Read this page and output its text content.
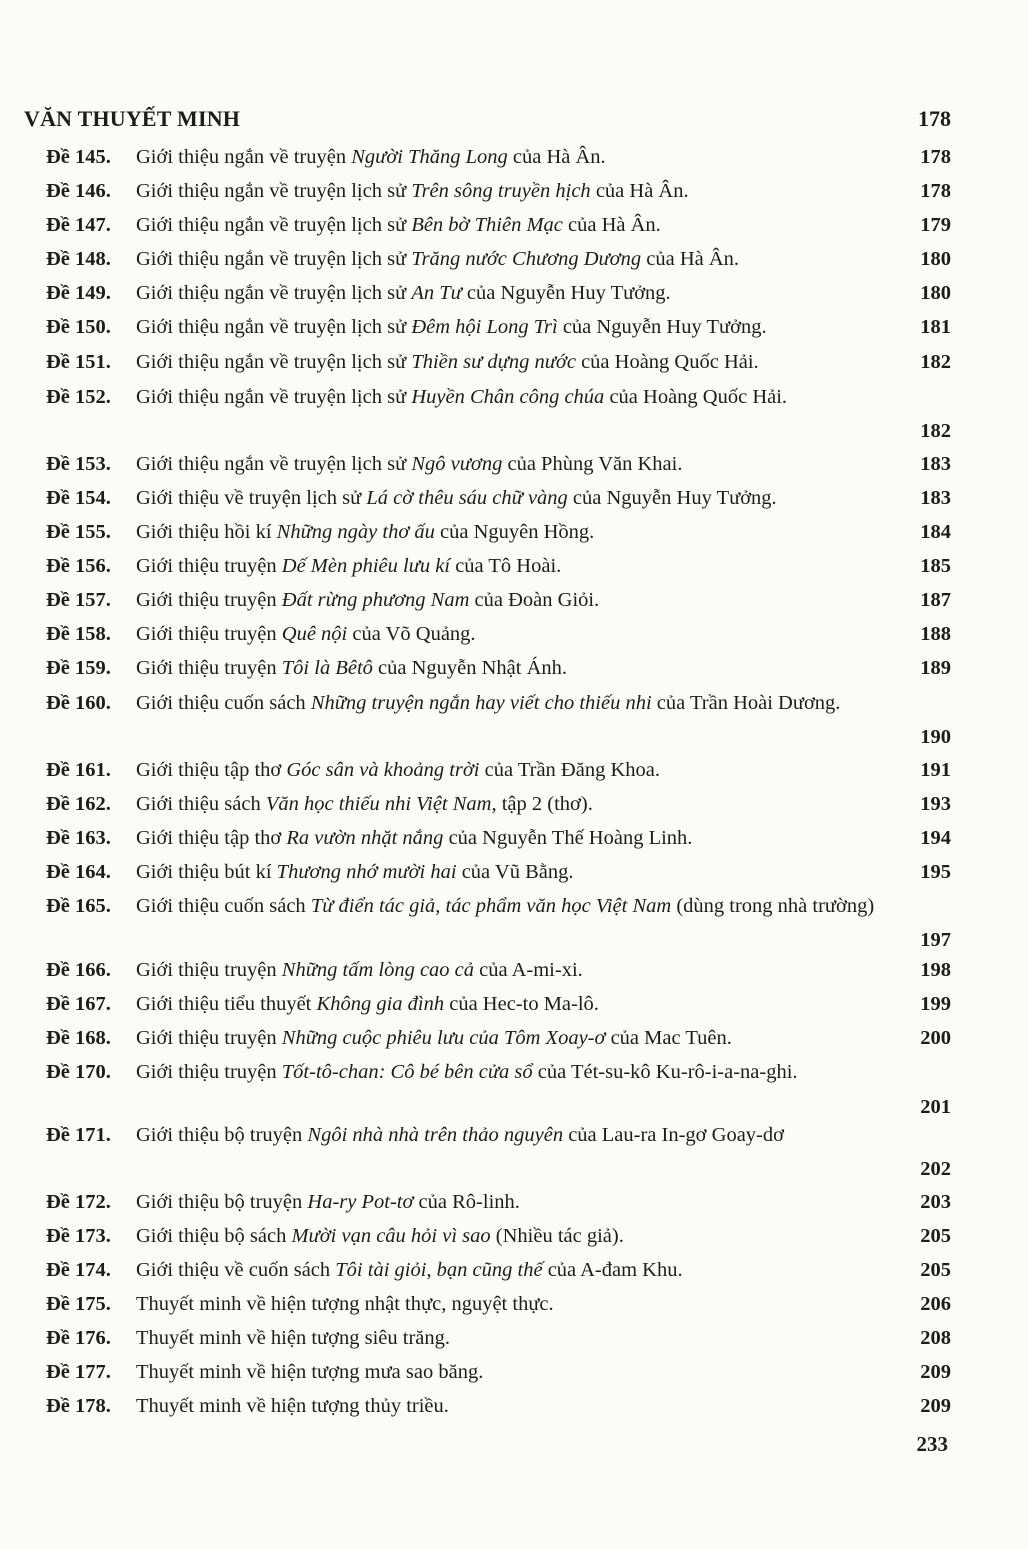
VĂN THUYẾT MINH	178
Đề 145. Giới thiệu ngắn về truyện Người Thăng Long của Hà Ân.	178
Đề 146. Giới thiệu ngắn về truyện lịch sử Trên sông truyền hịch của Hà Ân.	178
Đề 147. Giới thiệu ngắn về truyện lịch sử Bên bờ Thiên Mạc của Hà Ân.	179
Đề 148. Giới thiệu ngắn về truyện lịch sử Trăng nước Chương Dương của Hà Ân.	180
Đề 149. Giới thiệu ngắn về truyện lịch sử An Tư của Nguyễn Huy Tưởng.	180
Đề 150. Giới thiệu ngắn về truyện lịch sử Đêm hội Long Trì của Nguyễn Huy Tưởng.	181
Đề 151. Giới thiệu ngắn về truyện lịch sử Thiền sư dựng nước của Hoàng Quốc Hải.	182
Đề 152. Giới thiệu ngắn về truyện lịch sử Huyền Chân công chúa của Hoàng Quốc Hải.
182
Đề 153. Giới thiệu ngắn về truyện lịch sử Ngô vương của Phùng Văn Khai.	183
Đề 154. Giới thiệu về truyện lịch sử Lá cờ thêu sáu chữ vàng của Nguyễn Huy Tưởng.	183
Đề 155. Giới thiệu hồi kí Những ngày thơ ấu của Nguyên Hồng.	184
Đề 156. Giới thiệu truyện Dế Mèn phiêu lưu kí của Tô Hoài.	185
Đề 157. Giới thiệu truyện Đất rừng phương Nam của Đoàn Giỏi.	187
Đề 158. Giới thiệu truyện Quê nội của Võ Quảng.	188
Đề 159. Giới thiệu truyện Tôi là Bêtô của Nguyễn Nhật Ánh.	189
Đề 160. Giới thiệu cuốn sách Những truyện ngắn hay viết cho thiếu nhi của Trần Hoài Dương.
190
Đề 161. Giới thiệu tập thơ Góc sân và khoảng trời của Trần Đăng Khoa.	191
Đề 162. Giới thiệu sách Văn học thiếu nhi Việt Nam, tập 2 (thơ).	193
Đề 163. Giới thiệu tập thơ Ra vườn nhặt nắng của Nguyễn Thế Hoàng Linh.	194
Đề 164. Giới thiệu bút kí Thương nhớ mười hai của Vũ Bằng.	195
Đề 165. Giới thiệu cuốn sách Từ điển tác giả, tác phẩm văn học Việt Nam (dùng trong nhà trường)
197
Đề 166. Giới thiệu truyện Những tấm lòng cao cả của A-mi-xi.	198
Đề 167. Giới thiệu tiểu thuyết Không gia đình của Hec-to Ma-lô.	199
Đề 168. Giới thiệu truyện Những cuộc phiêu lưu của Tôm Xoay-ơ của Mac Tuên.	200
Đề 170. Giới thiệu truyện Tốt-tô-chan: Cô bé bên cửa sổ của Tét-su-kô Ku-rô-i-a-na-ghi.
201
Đề 171. Giới thiệu bộ truyện Ngôi nhà nhà trên thảo nguyên của Lau-ra In-gơ Goay-dơ
202
Đề 172. Giới thiệu bộ truyện Ha-ry Pot-tơ của Rô-linh.	203
Đề 173. Giới thiệu bộ sách Mười vạn câu hỏi vì sao (Nhiều tác giả).	205
Đề 174. Giới thiệu về cuốn sách Tôi tài giỏi, bạn cũng thế của A-đam Khu.	205
Đề 175. Thuyết minh về hiện tượng nhật thực, nguyệt thực.	206
Đề 176. Thuyết minh về hiện tượng siêu trăng.	208
Đề 177. Thuyết minh về hiện tượng mưa sao băng.	209
Đề 178. Thuyết minh về hiện tượng thủy triều.	209
233
